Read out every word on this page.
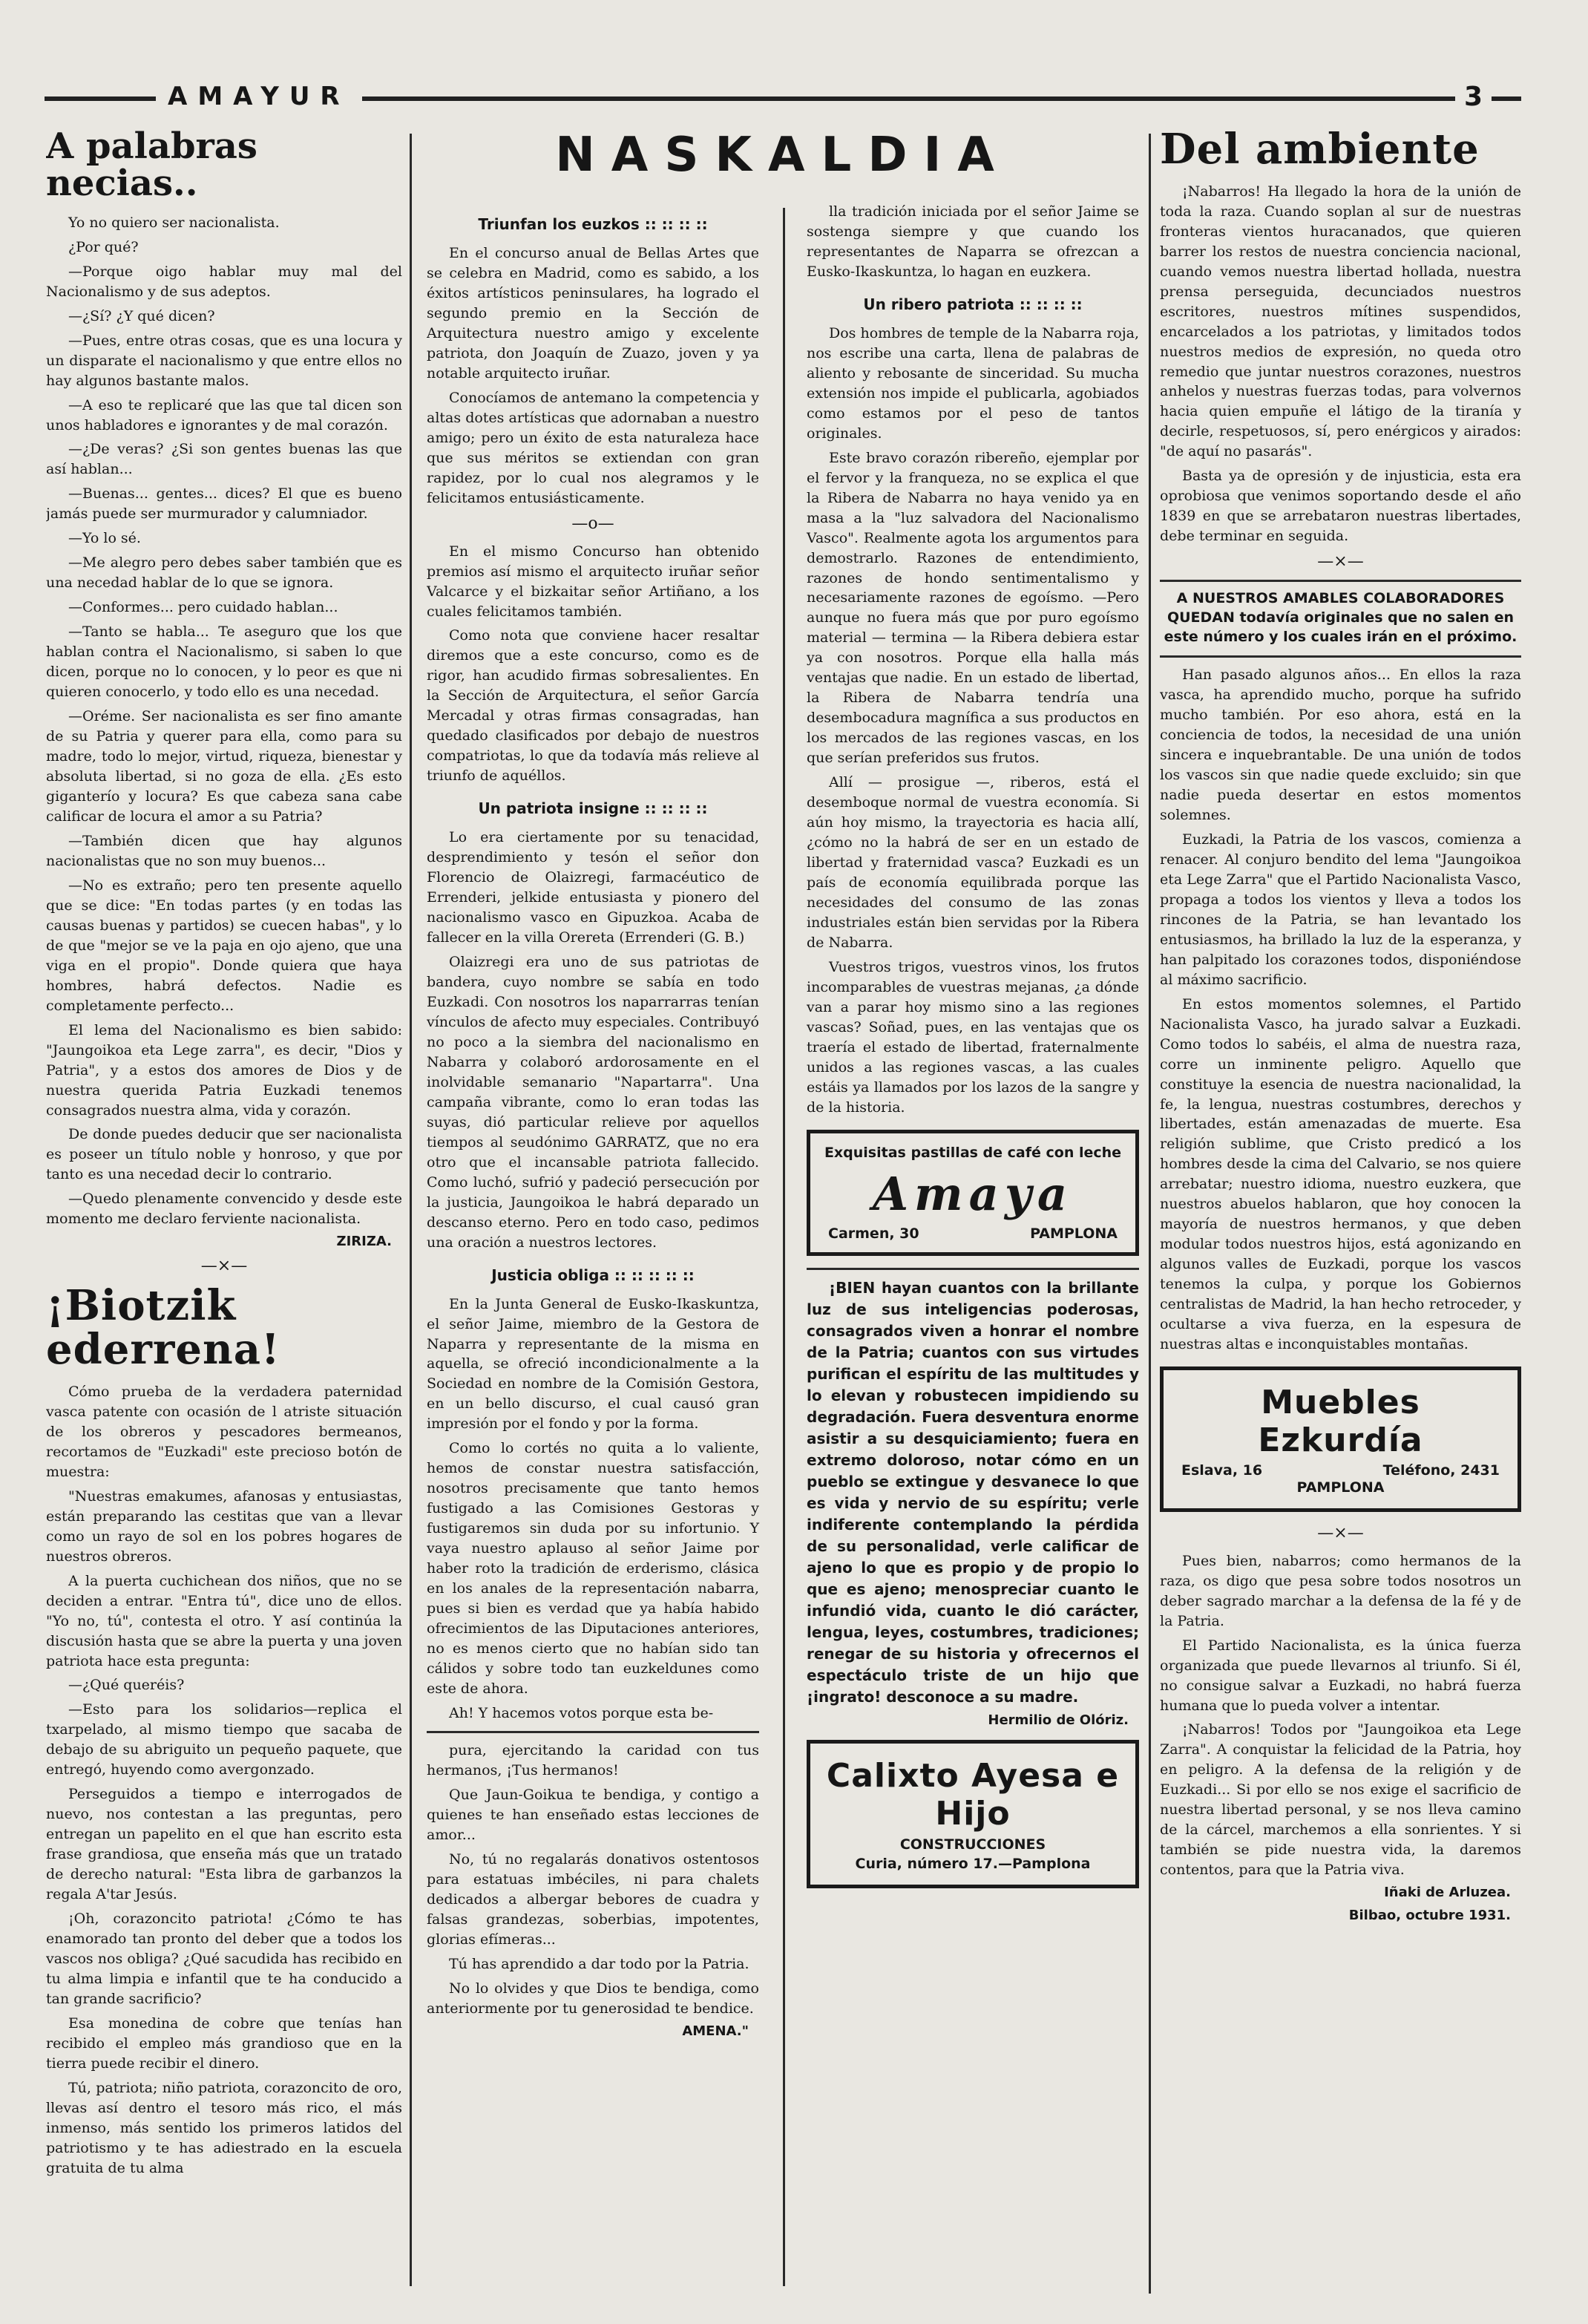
AMAYUR	3
A palabras necias..

Yo no quiero ser nacionalista.

¿Por qué?

—Porque oigo hablar muy mal del Nacionalismo y de sus adeptos.

—¿Sí? ¿Y qué dicen?

—Pues, entre otras cosas, que es una locura y un disparate el nacionalismo y que entre ellos no hay algunos bastante malos.

—A eso te replicaré que las que tal dicen son unos habladores e ignorantes y de mal corazón.

—¿De veras? ¿Si son gentes buenas las que así hablan...

—Buenas... gentes... dices? El que es bueno jamás puede ser murmurador y calumniador.

—Yo lo sé.

—Me alegro pero debes saber también que es una necedad hablar de lo que se ignora.

—Conformes... pero cuidado hablan...

—Tanto se habla... Te aseguro que los que hablan contra el Nacionalismo, si saben lo que dicen, porque no lo conocen, y lo peor es que ni quieren conocerlo, y todo ello es una necedad.

—Oréme. Ser nacionalista es ser fino amante de su Patria y querer para ella, como para su madre, todo lo mejor, virtud, riqueza, bienestar y absoluta libertad, si no goza de ella. ¿Es esto giganterío y locura? Es que cabeza sana cabe calificar de locura el amor a su Patria?

—También dicen que hay algunos nacionalistas que no son muy buenos...

—No es extraño; pero ten presente aquello que se dice: "En todas partes (y en todas las causas buenas y partidos) se cuecen habas", y lo de que "mejor se ve la paja en ojo ajeno, que una viga en el propio". Donde quiera que haya hombres, habrá defectos. Nadie es completamente perfecto...

El lema del Nacionalismo es bien sabido: "Jaungoikoa eta Lege zarra", es decir, "Dios y Patria", y a estos dos amores de Dios y de nuestra querida Patria Euzkadi tenemos consagrados nuestra alma, vida y corazón.

De donde puedes deducir que ser nacionalista es poseer un título noble y honroso, y que por tanto es una necedad decir lo contrario.

—Quedo plenamente convencido y desde este momento me declaro ferviente nacionalista.

ZIRIZA.
—×—
¡Biotzik ederrena!

Cómo prueba de la verdadera paternidad vasca patente con ocasión de l atriste situación de los obreros y pescadores bermeanos, recortamos de "Euzkadi" este precioso botón de muestra:

"Nuestras emakumes, afanosas y entusiastas, están preparando las cestitas que van a llevar como un rayo de sol en los pobres hogares de nuestros obreros.

A la puerta cuchichean dos niños, que no se deciden a entrar. "Entra tú", dice uno de ellos. "Yo no, tú", contesta el otro. Y así continúa la discusión hasta que se abre la puerta y una joven patriota hace esta pregunta:

—¿Qué queréis?

—Esto para los solidarios—replica el txarpelado, al mismo tiempo que sacaba de debajo de su abriguito un pequeño paquete, que entregó, huyendo como avergonzado.

Perseguidos a tiempo e interrogados de nuevo, nos contestan a las preguntas, pero entregan un papelito en el que han escrito esta frase grandiosa, que enseña más que un tratado de derecho natural: "Esta libra de garbanzos la regala A'tar Jesús.

¡Oh, corazoncito patriota! ¿Cómo te has enamorado tan pronto del deber que a todos los vascos nos obliga? ¿Qué sacudida has recibido en tu alma limpia e infantil que te ha conducido a tan grande sacrificio?

Esa monedina de cobre que tenías han recibido el empleo más grandioso que en la tierra puede recibir el dinero.

Tú, patriota; niño patriota, corazoncito de oro, llevas así dentro el tesoro más rico, el más inmenso, más sentido los primeros latidos del patriotismo y te has adiestrado en la escuela gratuita de tu alma

NASKALDIA
Triunfan los euzkos :: :: :: ::

En el concurso anual de Bellas Artes que se celebra en Madrid, como es sabido, a los éxitos artísticos peninsulares, ha logrado el segundo premio en la Sección de Arquitectura nuestro amigo y excelente patriota, don Joaquín de Zuazo, joven y ya notable arquitecto iruñar.

Conocíamos de antemano la competencia y altas dotes artísticas que adornaban a nuestro amigo; pero un éxito de esta naturaleza hace que sus méritos se extiendan con gran rapidez, por lo cual nos alegramos y le felicitamos entusiásticamente.

—o—

En el mismo Concurso han obtenido premios así mismo el arquitecto iruñar señor Valcarce y el bizkaitar señor Artiñano, a los cuales felicitamos también.

Como nota que conviene hacer resaltar diremos que a este concurso, como es de rigor, han acudido firmas sobresalientes. En la Sección de Arquitectura, el señor García Mercadal y otras firmas consagradas, han quedado clasificados por debajo de nuestros compatriotas, lo que da todavía más relieve al triunfo de aquéllos.

Un patriota insigne :: :: :: ::

Lo era ciertamente por su tenacidad, desprendimiento y tesón el señor don Florencio de Olaizregi, farmacéutico de Errenderi, jelkide entusiasta y pionero del nacionalismo vasco en Gipuzkoa. Acaba de fallecer en la villa Orereta (Errenderi (G. B.)

Olaizregi era uno de sus patriotas de bandera, cuyo nombre se sabía en todo Euzkadi. Con nosotros los naparrarras tenían vínculos de afecto muy especiales. Contribuyó no poco a la siembra del nacionalismo en Nabarra y colaboró ardorosamente en el inolvidable semanario "Napartarra". Una campaña vibrante, como lo eran todas las suyas, dió particular relieve por aquellos tiempos al seudónimo GARRATZ, que no era otro que el incansable patriota fallecido. Como luchó, sufrió y padeció persecución por la justicia, Jaungoikoa le habrá deparado un descanso eterno. Pero en todo caso, pedimos una oración a nuestros lectores.

Justicia obliga :: :: :: :: ::

En la Junta General de Eusko-Ikaskuntza, el señor Jaime, miembro de la Gestora de Naparra y representante de la misma en aquella, se ofreció incondicionalmente a la Sociedad en nombre de la Comisión Gestora, en un bello discurso, el cual causó gran impresión por el fondo y por la forma.

Como lo cortés no quita a lo valiente, hemos de constar nuestra satisfacción, nosotros precisamente que tanto hemos fustigado a las Comisiones Gestoras y fustigaremos sin duda por su infortunio. Y vaya nuestro aplauso al señor Jaime por haber roto la tradición de erderismo, clásica en los anales de la representación nabarra, pues si bien es verdad que ya había habido ofrecimientos de las Diputaciones anteriores, no es menos cierto que no habían sido tan cálidos y sobre todo tan euzkeldunes como este de ahora.

Ah! Y hacemos votos porque esta be-

pura, ejercitando la caridad con tus hermanos, ¡Tus hermanos!

Que Jaun-Goikua te bendiga, y contigo a quienes te han enseñado estas lecciones de amor...

No, tú no regalarás donativos ostentosos para estatuas imbéciles, ni para chalets dedicados a albergar bebores de cuadra y falsas grandezas, soberbias, impotentes, glorias efímeras...

Tú has aprendido a dar todo por la Patria.

No lo olvides y que Dios te bendiga, como anteriormente por tu generosidad te bendice.

AMENA."

lla tradición iniciada por el señor Jaime se sostenga siempre y que cuando los representantes de Naparra se ofrezcan a Eusko-Ikaskuntza, lo hagan en euzkera.

Un ribero patriota :: :: :: ::

Dos hombres de temple de la Nabarra roja, nos escribe una carta, llena de palabras de aliento y rebosante de sinceridad. Su mucha extensión nos impide el publicarla, agobiados como estamos por el peso de tantos originales.

Este bravo corazón ribereño, ejemplar por el fervor y la franqueza, no se explica el que la Ribera de Nabarra no haya venido ya en masa a la "luz salvadora del Nacionalismo Vasco". Realmente agota los argumentos para demostrarlo. Razones de entendimiento, razones de hondo sentimentalismo y necesariamente razones de egoísmo. —Pero aunque no fuera más que por puro egoísmo material — termina — la Ribera debiera estar ya con nosotros. Porque ella halla más ventajas que nadie. En un estado de libertad, la Ribera de Nabarra tendría una desembocadura magnífica a sus productos en los mercados de las regiones vascas, en los que serían preferidos sus frutos.

Allí — prosigue —, riberos, está el desemboque normal de vuestra economía. Si aún hoy mismo, la trayectoria es hacia allí, ¿cómo no la habrá de ser en un estado de libertad y fraternidad vasca? Euzkadi es un país de economía equilibrada porque las necesidades del consumo de las zonas industriales están bien servidas por la Ribera de Nabarra.

Vuestros trigos, vuestros vinos, los frutos incomparables de vuestras mejanas, ¿a dónde van a parar hoy mismo sino a las regiones vascas? Soñad, pues, en las ventajas que os traería el estado de libertad, fraternalmente unidos a las regiones vascas, a las cuales estáis ya llamados por los lazos de la sangre y de la historia.

Exquisitas pastillas de café con leche
Amaya
Carmen, 30	PAMPLONA

¡BIEN hayan cuantos con la brillante luz de sus inteligencias poderosas, consagrados viven a honrar el nombre de la Patria; cuantos con sus virtudes purifican el espíritu de las multitudes y lo elevan y robustecen impidiendo su degradación. Fuera desventura enorme asistir a su desquiciamiento; fuera en extremo doloroso, notar cómo en un pueblo se extingue y desvanece lo que es vida y nervio de su espíritu; verle indiferente contemplando la pérdida de su personalidad, verle calificar de ajeno lo que es propio y de propio lo que es ajeno; menospreciar cuanto le infundió vida, cuanto le dió carácter, lengua, leyes, costumbres, tradiciones; renegar de su historia y ofrecernos el espectáculo triste de un hijo que ¡ingrato! desconoce a su madre.

Hermilio de Olóriz.
Calixto Ayesa e Hijo
CONSTRUCCIONES
Curia, número 17.—Pamplona
Del ambiente

¡Nabarros! Ha llegado la hora de la unión de toda la raza. Cuando soplan al sur de nuestras fronteras vientos huracanados, que quieren barrer los restos de nuestra conciencia nacional, cuando vemos nuestra libertad hollada, nuestra prensa perseguida, decunciados nuestros escritores, nuestros mítines suspendidos, encarcelados a los patriotas, y limitados todos nuestros medios de expresión, no queda otro remedio que juntar nuestros corazones, nuestros anhelos y nuestras fuerzas todas, para volvernos hacia quien empuñe el látigo de la tiranía y decirle, respetuosos, sí, pero enérgicos y airados: "de aquí no pasarás".

Basta ya de opresión y de injusticia, esta era oprobiosa que venimos soportando desde el año 1839 en que se arrebataron nuestras libertades, debe terminar en seguida.

—×—
A NUESTROS AMABLES COLABORADORES
QUEDAN todavía originales que no salen en este número y los cuales irán en el próximo.

Han pasado algunos años... En ellos la raza vasca, ha aprendido mucho, porque ha sufrido mucho también. Por eso ahora, está en la conciencia de todos, la necesidad de una unión sincera e inquebrantable. De una unión de todos los vascos sin que nadie quede excluido; sin que nadie pueda desertar en estos momentos solemnes.

Euzkadi, la Patria de los vascos, comienza a renacer. Al conjuro bendito del lema "Jaungoikoa eta Lege Zarra" que el Partido Nacionalista Vasco, propaga a todos los vientos y lleva a todos los rincones de la Patria, se han levantado los entusiasmos, ha brillado la luz de la esperanza, y han palpitado los corazones todos, disponiéndose al máximo sacrificio.

En estos momentos solemnes, el Partido Nacionalista Vasco, ha jurado salvar a Euzkadi. Como todos lo sabéis, el alma de nuestra raza, corre un inminente peligro. Aquello que constituye la esencia de nuestra nacionalidad, la fe, la lengua, nuestras costumbres, derechos y libertades, están amenazadas de muerte. Esa religión sublime, que Cristo predicó a los hombres desde la cima del Calvario, se nos quiere arrebatar; nuestro idioma, nuestro euzkera, que nuestros abuelos hablaron, que hoy conocen la mayoría de nuestros hermanos, y que deben modular todos nuestros hijos, está agonizando en algunos valles de Euzkadi, porque los vascos tenemos la culpa, y porque los Gobiernos centralistas de Madrid, la han hecho retroceder, y ocultarse a viva fuerza, en la espesura de nuestras altas e inconquistables montañas.

Muebles Ezkurdía
Eslava, 16	Teléfono, 2431
PAMPLONA
—×—

Pues bien, nabarros; como hermanos de la raza, os digo que pesa sobre todos nosotros un deber sagrado marchar a la defensa de la fé y de la Patria.

El Partido Nacionalista, es la única fuerza organizada que puede llevarnos al triunfo. Si él, no consigue salvar a Euzkadi, no habrá fuerza humana que lo pueda volver a intentar.

¡Nabarros! Todos por "Jaungoikoa eta Lege Zarra". A conquistar la felicidad de la Patria, hoy en peligro. A la defensa de la religión y de Euzkadi... Si por ello se nos exige el sacrificio de nuestra libertad personal, y se nos lleva camino de la cárcel, marchemos a ella sonrientes. Y si también se pide nuestra vida, la daremos contentos, para que la Patria viva.

Iñaki de Arluzea.
Bilbao, octubre 1931.
